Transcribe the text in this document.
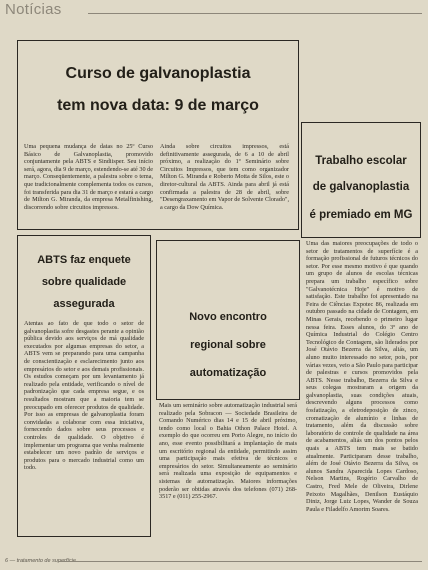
Notícias

Curso de galvanoplastia

tem nova data: 9 de março

Uma pequena mudança de datas no 25º Curso Básico de Galvanoplastia, promovido conjuntamente pela ABTS e Sindiisper. Seu início será, agora, dia 9 de março, estendendo-se até 30 de março. Conseqüentemente, a palestra sobre o tema, que tradicionalmente complementa todos os cursos, foi transferida para dia 31 de março e estará a cargo de Milton G. Miranda, da empresa Metalfinishing, discorrendo sobre circuitos impressos.

Ainda sobre circuitos impressos, está definitivamente assegurada, de 6 a 10 de abril próximo, a realização do 1º Seminário sobre Circuitos Impressos, que tem como organizador Milton G. Miranda e Roberto Motta de Silos, este o diretor-cultural da ABTS. Ainda para abril já está confirmada a palestra de 28 de abril, sobre "Desengraxamento em Vapor de Solvente Clorado", a cargo da Dow Química.

Trabalho escolar

de galvanoplastia

é premiado em MG

Uma das maiores preocupações de todo o setor de tratamentos de superfície é a formação profissional de futuros técnicos do setor. Por esse mesmo motivo é que quando um grupo de alunos de escolas técnicas prepara um trabalho específico sobre "Galvanotécnica Hoje" é motivo de satisfação. Este trabalho foi apresentado na Feira de Ciências Expotec 86, realizada em outubro passado na cidade de Contagem, em Minas Gerais, recebendo o primeiro lugar nessa feira. Esses alunos, do 3º ano de Química Industrial do Colégio Centro Tecnológico de Contagem, são liderados por José Otávio Bezerra da Silva, aliás, um aluno muito interessado no setor, pois, por várias vezes, veio a São Paulo para participar de palestras e cursos promovidos pela ABTS. Nesse trabalho, Bezerra da Silva e seus colegas mostraram a origem da galvanoplastia, suas condições atuais, descrevendo alguns processos como fosfatização, a eletrodeposição de zinco, cromatização de alumínio e linhas de tratamento, além da discussão sobre laboratório de controle de qualidade na área de acabamentos, aliás um dos pontos pelos quais a ABTS tem mais se batido atualmente. Participaram desse trabalho, além de José Otávio Bezerra da Silva, os alunos Sandra Aparecida Lopes Cardoso, Nelson Martins, Rogério Carvalho de Castro, Fred Mele de Oliveira, Dirlene Peixoto Magalhães, Denilson Eustáquio Diniz, Jorge Luiz Lopes, Wander de Souza Paula e Filadelfo Amorim Soares.

ABTS faz enquete

sobre qualidade

assegurada

Atentas ao fato de que todo o setor de galvanoplastia sofre desgastes perante a opinião pública devido aos serviços de má qualidade executados por algumas empresas do setor, a ABTS vem se preparando para uma campanha de conscientização e esclarecimento junto aos empresários do setor e aos demais profissionais. Os estudos começam por um levantamento já realizado pela entidade, verificando o nível de padronização que cada empresa segue, e os resultados mostram que a maioria tem se preocupado em oferecer produtos de qualidade. Por isso as empresas de galvanoplastia foram convidadas a colaborar com essa iniciativa, fornecendo dados sobre seus processos e controles de qualidade. O objetivo é implementar um programa que venha realmente estabelecer um novo padrão de serviços e produtos para o mercado industrial como um todo.

Novo encontro

regional sobre

automatização

Mais um seminário sobre automatização industrial será realizado pela Sobracon — Sociedade Brasileira de Comando Numérico dias 14 e 15 de abril próximo, tendo como local o Bahia Othon Palace Hotel. A exemplo do que ocorreu em Porto Alegre, no início do ano, esse evento possibilitará a implantação de mais um escritório regional da entidade, permitindo assim uma participação mais efetiva de técnicos e empresários do setor. Simultaneamente ao seminário será realizada uma exposição de equipamentos e sistemas de automatização. Maiores informações poderão ser obtidas através dos telefones (071) 268-3517 e (011) 255-2967.

6 — tratamento de superfície
